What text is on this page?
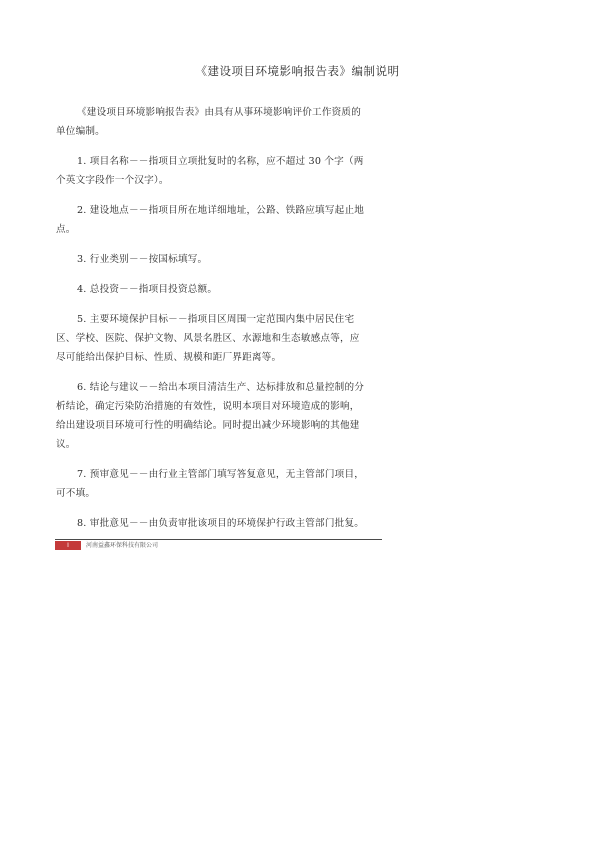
《建设项目环境影响报告表》编制说明
《建设项目环境影响报告表》由具有从事环境影响评价工作资质的
单位编制。
1. 项目名称－－指项目立项批复时的名称，应不超过 30 个字（两
个英文字段作一个汉字）。
2. 建设地点－－指项目所在地详细地址，公路、铁路应填写起止地
点。
3. 行业类别－－按国标填写。
4. 总投资－－指项目投资总额。
5. 主要环境保护目标－－指项目区周围一定范围内集中居民住宅
区、学校、医院、保护文物、风景名胜区、水源地和生态敏感点等，应
尽可能给出保护目标、性质、规模和距厂界距离等。
6. 结论与建议－－给出本项目清洁生产、达标排放和总量控制的分
析结论，确定污染防治措施的有效性，说明本项目对环境造成的影响，
给出建设项目环境可行性的明确结论。同时提出减少环境影响的其他建
议。
7. 预审意见－－由行业主管部门填写答复意见，无主管部门项目，
可不填。
8. 审批意见－－由负责审批该项目的环境保护行政主管部门批复。
I	河南益鑫环保科技有限公司
